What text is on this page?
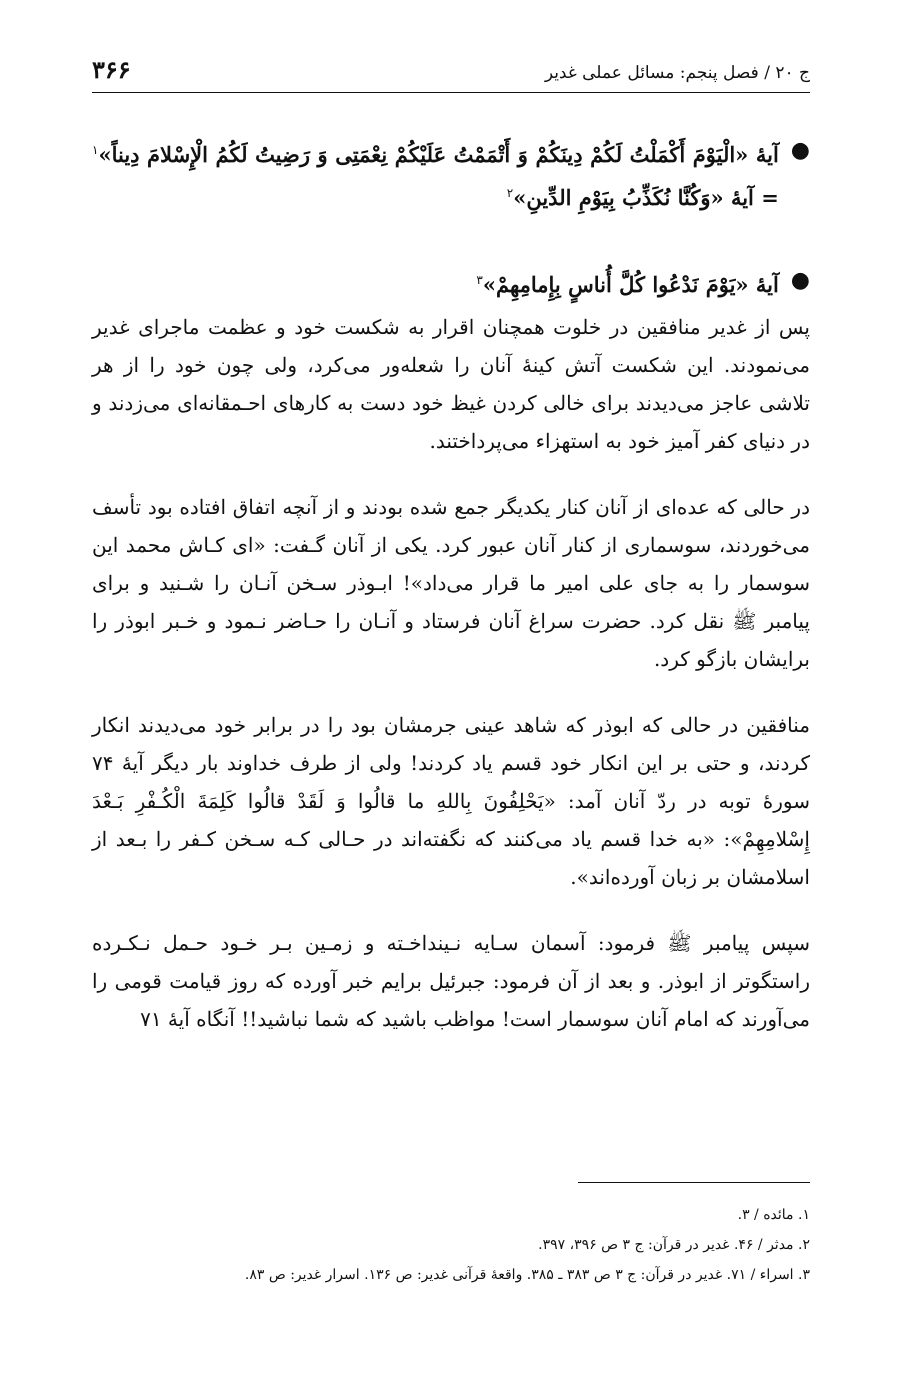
ج ۲۰ / فصل پنجم: مسائل عملی غدیر
۳۶۶
●
آیهٔ «الْیَوْمَ أَكْمَلْتُ لَكُمْ دِینَكُمْ وَ أَتْمَمْتُ عَلَیْكُمْ نِعْمَتِی وَ رَضِیتُ لَكُمُ الْإِسْلامَ دِیناً»$^۱$ = آیهٔ «وَكُنَّا نُكَذِّبُ بِیَوْمِ الدِّینِ»$^۲$
●
آیهٔ «یَوْمَ نَدْعُوا كُلَّ أُناسٍ بِإِمامِهِمْ»$^۳$

پس از غدیر منافقین در خلوت همچنان اقرار به شکست خود و عظمت ماجرای غدیر می‌نمودند. این شکست آتش کینهٔ آنان را شعله‌ور می‌کرد، ولی چون خود را از هر تلاشی عاجز می‌دیدند برای خالی کردن غیظ خود دست به کارهای احـمقانه‌ای می‌زدند و در دنیای کفر آمیز خود به استهزاء می‌پرداختند.

در حالی که عده‌ای از آنان کنار یکدیگر جمع شده بودند و از آنچه اتفاق افتاده بود تأسف می‌خوردند، سوسماری از کنار آنان عبور کرد. یکی از آنان گـفت: «ای کـاش محمد این سوسمار را به جای علی امیر ما قرار می‌داد»! ابـوذر سـخن آنـان را شـنید و برای پیامبر ﷺ نقل کرد. حضرت سراغ آنان فرستاد و آنـان را حـاضر نـمود و خـبر ابوذر را برایشان بازگو کرد.

منافقین در حالی که ابوذر که شاهد عینی جرمشان بود را در برابر خود می‌دیدند انکار کردند، و حتی بر این انکار خود قسم یاد کردند! ولی از طرف خداوند بار دیگر آیهٔ ۷۴ سورهٔ توبه در ردّ آنان آمد: «یَحْلِفُونَ بِاللهِ ما قالُوا وَ لَقَدْ قالُوا كَلِمَةَ الْكُـفْرِ بَـعْدَ إِسْلامِهِمْ»: «به خدا قسم یاد می‌کنند که نگفته‌اند در حـالی کـه سـخن کـفر را بـعد از اسلامشان بر زبان آورده‌اند».

سپس پیامبر ﷺ فرمود: آسمان سـایه نـینداخـته و زمـین بـر خـود حـمل نـکـرده راستگوتر از ابوذر. و بعد از آن فرمود: جبرئیل برایم خبر آورده که روز قیامت قومی را می‌آورند که امام آنان سوسمار است! مواظب باشید که شما نباشید!! آنگاه آیهٔ ۷۱

۱. مائده / ۳.

۲. مدثر / ۴۶. غدیر در قرآن: ج ۳ ص ۳۹۶، ۳۹۷.

۳. اسراء / ۷۱. غدیر در قرآن: ج ۳ ص ۳۸۳ ـ ۳۸۵. واقعهٔ قرآنی غدیر: ص ۱۳۶. اسرار غدیر: ص ۸۳.
